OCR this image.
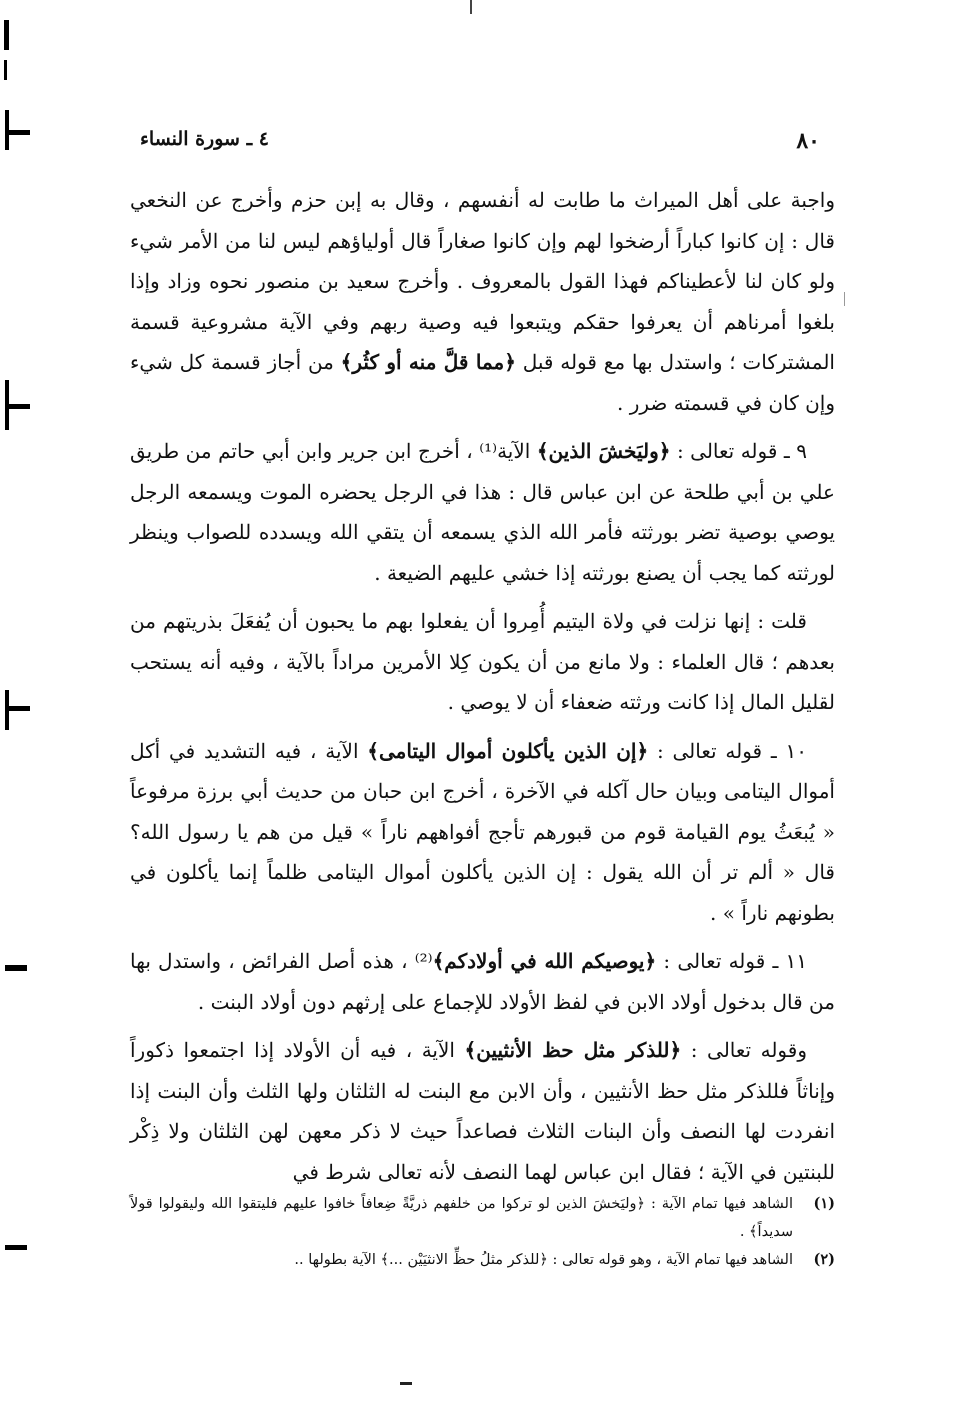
٨٠
٤ ـ سورة النساء

واجبة على أهل الميراث ما طابت له أنفسهم ، وقال به إبن حزم وأخرج عن النخعي قال : إن كانوا كباراً أرضخوا لهم وإن كانوا صغاراً قال أولياؤهم ليس لنا من الأمر شيء ولو كان لنا لأعطيناكم فهذا القول بالمعروف . وأخرج سعيد بن منصور نحوه وزاد وإذا بلغوا أمرناهم أن يعرفوا حقكم ويتبعوا فيه وصية ربهم وفي الآية مشروعية قسمة المشتركات ؛ واستدل بها مع قوله قبل ﴿مما قلَّ منه أو كثُر﴾ من أجاز قسمة كل شيء وإن كان في قسمته ضرر .

٩ ـ قوله تعالى : ﴿وليَخشَ الذين﴾ الآية⁽¹⁾ ، أخرج ابن جرير وابن أبي حاتم من طريق علي بن أبي طلحة عن ابن عباس قال : هذا في الرجل يحضره الموت ويسمعه الرجل يوصي بوصية تضر بورثته فأمر الله الذي يسمعه أن يتقي الله ويسدده للصواب وينظر لورثته كما يجب أن يصنع بورثته إذا خشي عليهم الضيعة .

قلت : إنها نزلت في ولاة اليتيم أُمِروا أن يفعلوا بهم ما يحبون أن يُفعَلَ بذريتهم من بعدهم ؛ قال العلماء : ولا مانع من أن يكون كِلا الأمرين مراداً بالآية ، وفيه أنه يستحب لقليل المال إذا كانت ورثته ضعفاء أن لا يوصي .

١٠ ـ قوله تعالى : ﴿إن الذين يأكلون أموال اليتامى﴾ الآية ، فيه التشديد في أكل أموال اليتامى وبيان حال آكله في الآخرة ، أخرج ابن حبان من حديث أبي برزة مرفوعاً « يُبعَثُ يوم القيامة قوم من قبورهم تأجج أفواههم ناراً » قيل من هم يا رسول الله؟ قال « ألم تر أن الله يقول : إن الذين يأكلون أموال اليتامى ظلماً إنما يأكلون في بطونهم ناراً » .

١١ ـ قوله تعالى : ﴿يوصيكم الله في أولادكم﴾⁽²⁾ ، هذه أصل الفرائض ، واستدل بها من قال بدخول أولاد الابن في لفظ الأولاد للإجماع على إرثهم دون أولاد البنت .

وقوله تعالى : ﴿للذكر مثل حظ الأنثيين﴾ الآية ، فيه أن الأولاد إذا اجتمعوا ذكوراً وإناثاً فللذكر مثل حظ الأنثيين ، وأن الابن مع البنت له الثلثان ولها الثلث وأن البنت إذا انفردت لها النصف وأن البنات الثلاث فصاعداً حيث لا ذكر معهن لهن الثلثان ولا ذِكْر للبنتين في الآية ؛ فقال ابن عباس لهما النصف لأنه تعالى شرط في

(١)
الشاهد فيها تمام الآية : ﴿وليَخشَ الذين لو تركوا من خلفهم ذريَّةً ضِعافاً خافوا عليهم فليتقوا الله وليقولوا قولاً سديداً﴾ .
(٢)
الشاهد فيها تمام الآية ، وهو قوله تعالى : ﴿للذكر مثلُ حظِّ الانثيَيْن ...﴾ الآية بطولها ..
